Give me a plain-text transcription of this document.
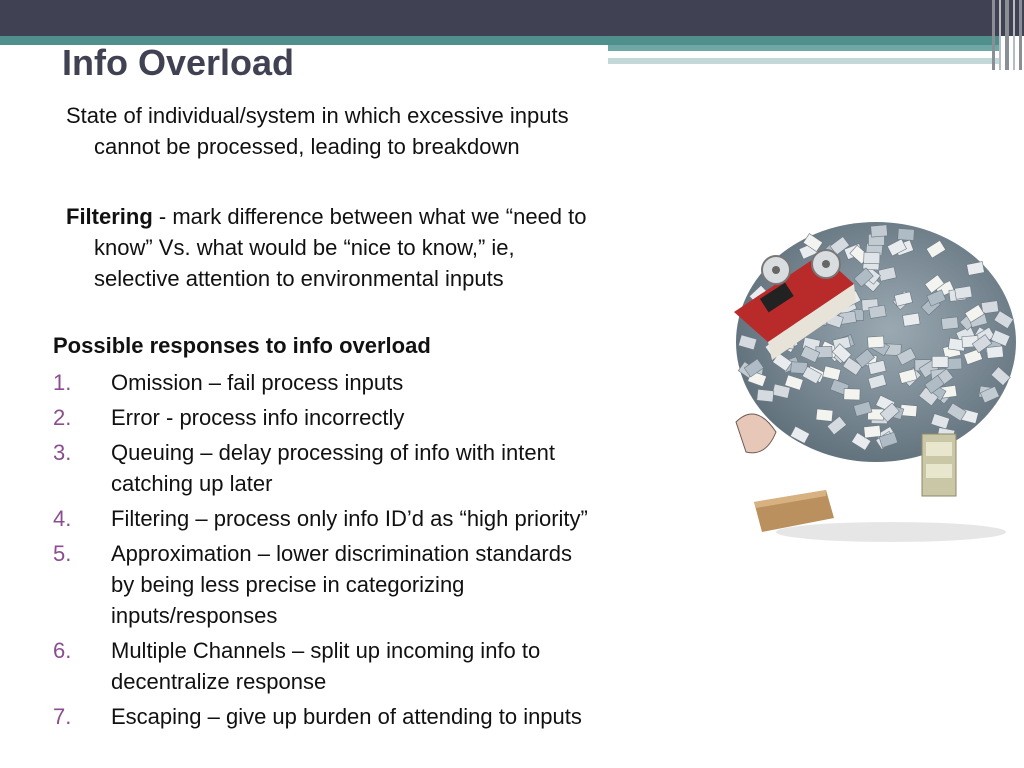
Info Overload
State of individual/system in which excessive inputs
cannot be processed, leading to breakdown
Filtering - mark difference between what we “need to
know” Vs. what would be “nice to know,” ie,
selective attention to environmental inputs
Possible responses to info overload
1. Omission – fail process inputs
2. Error - process info incorrectly
3. Queuing – delay processing of info with intent
catching up later
4. Filtering – process only info ID’d as “high priority”
5. Approximation – lower discrimination standards
by being less precise in categorizing
inputs/responses
6. Multiple Channels – split up incoming info to
decentralize response
7. Escaping – give up burden of attending to inputs
